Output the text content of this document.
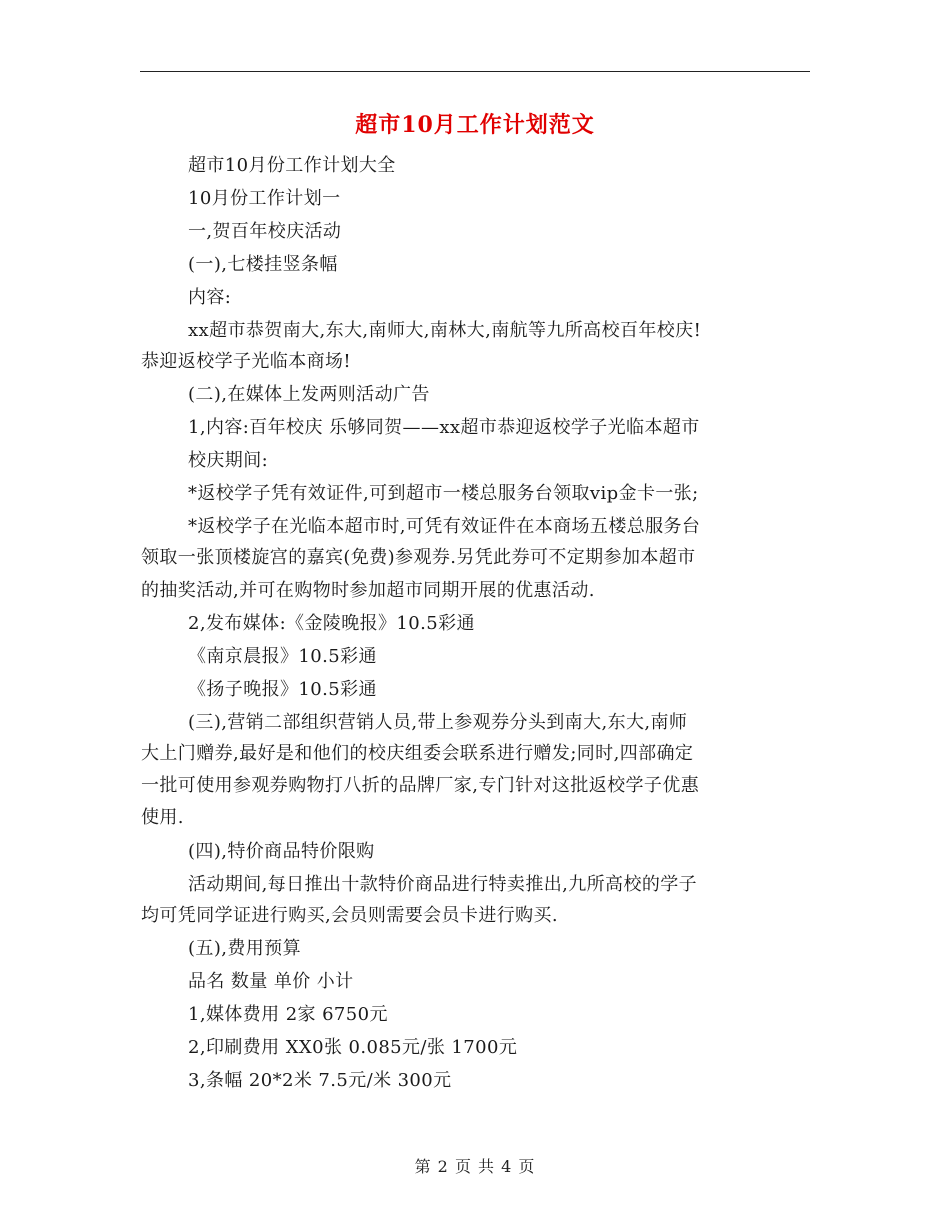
超市10月工作计划范文
超市10月份工作计划大全
10月份工作计划一
一,贺百年校庆活动
(一),七楼挂竖条幅
内容:
xx超市恭贺南大,东大,南师大,南林大,南航等九所高校百年校庆!
恭迎返校学子光临本商场!
(二),在媒体上发两则活动广告
1,内容:百年校庆 乐够同贺——xx超市恭迎返校学子光临本超市
校庆期间:
*返校学子凭有效证件,可到超市一楼总服务台领取vip金卡一张;
*返校学子在光临本超市时,可凭有效证件在本商场五楼总服务台
领取一张顶楼旋宫的嘉宾(免费)参观券.另凭此券可不定期参加本超市
的抽奖活动,并可在购物时参加超市同期开展的优惠活动.
2,发布媒体:《金陵晚报》10.5彩通
《南京晨报》10.5彩通
《扬子晚报》10.5彩通
(三),营销二部组织营销人员,带上参观券分头到南大,东大,南师
大上门赠券,最好是和他们的校庆组委会联系进行赠发;同时,四部确定
一批可使用参观券购物打八折的品牌厂家,专门针对这批返校学子优惠
使用.
(四),特价商品特价限购
活动期间,每日推出十款特价商品进行特卖推出,九所高校的学子
均可凭同学证进行购买,会员则需要会员卡进行购买.
(五),费用预算
品名 数量 单价 小计
1,媒体费用 2家 6750元
2,印刷费用 XX0张 0.085元/张 1700元
3,条幅 20*2米 7.5元/米 300元
第 2 页 共 4 页
